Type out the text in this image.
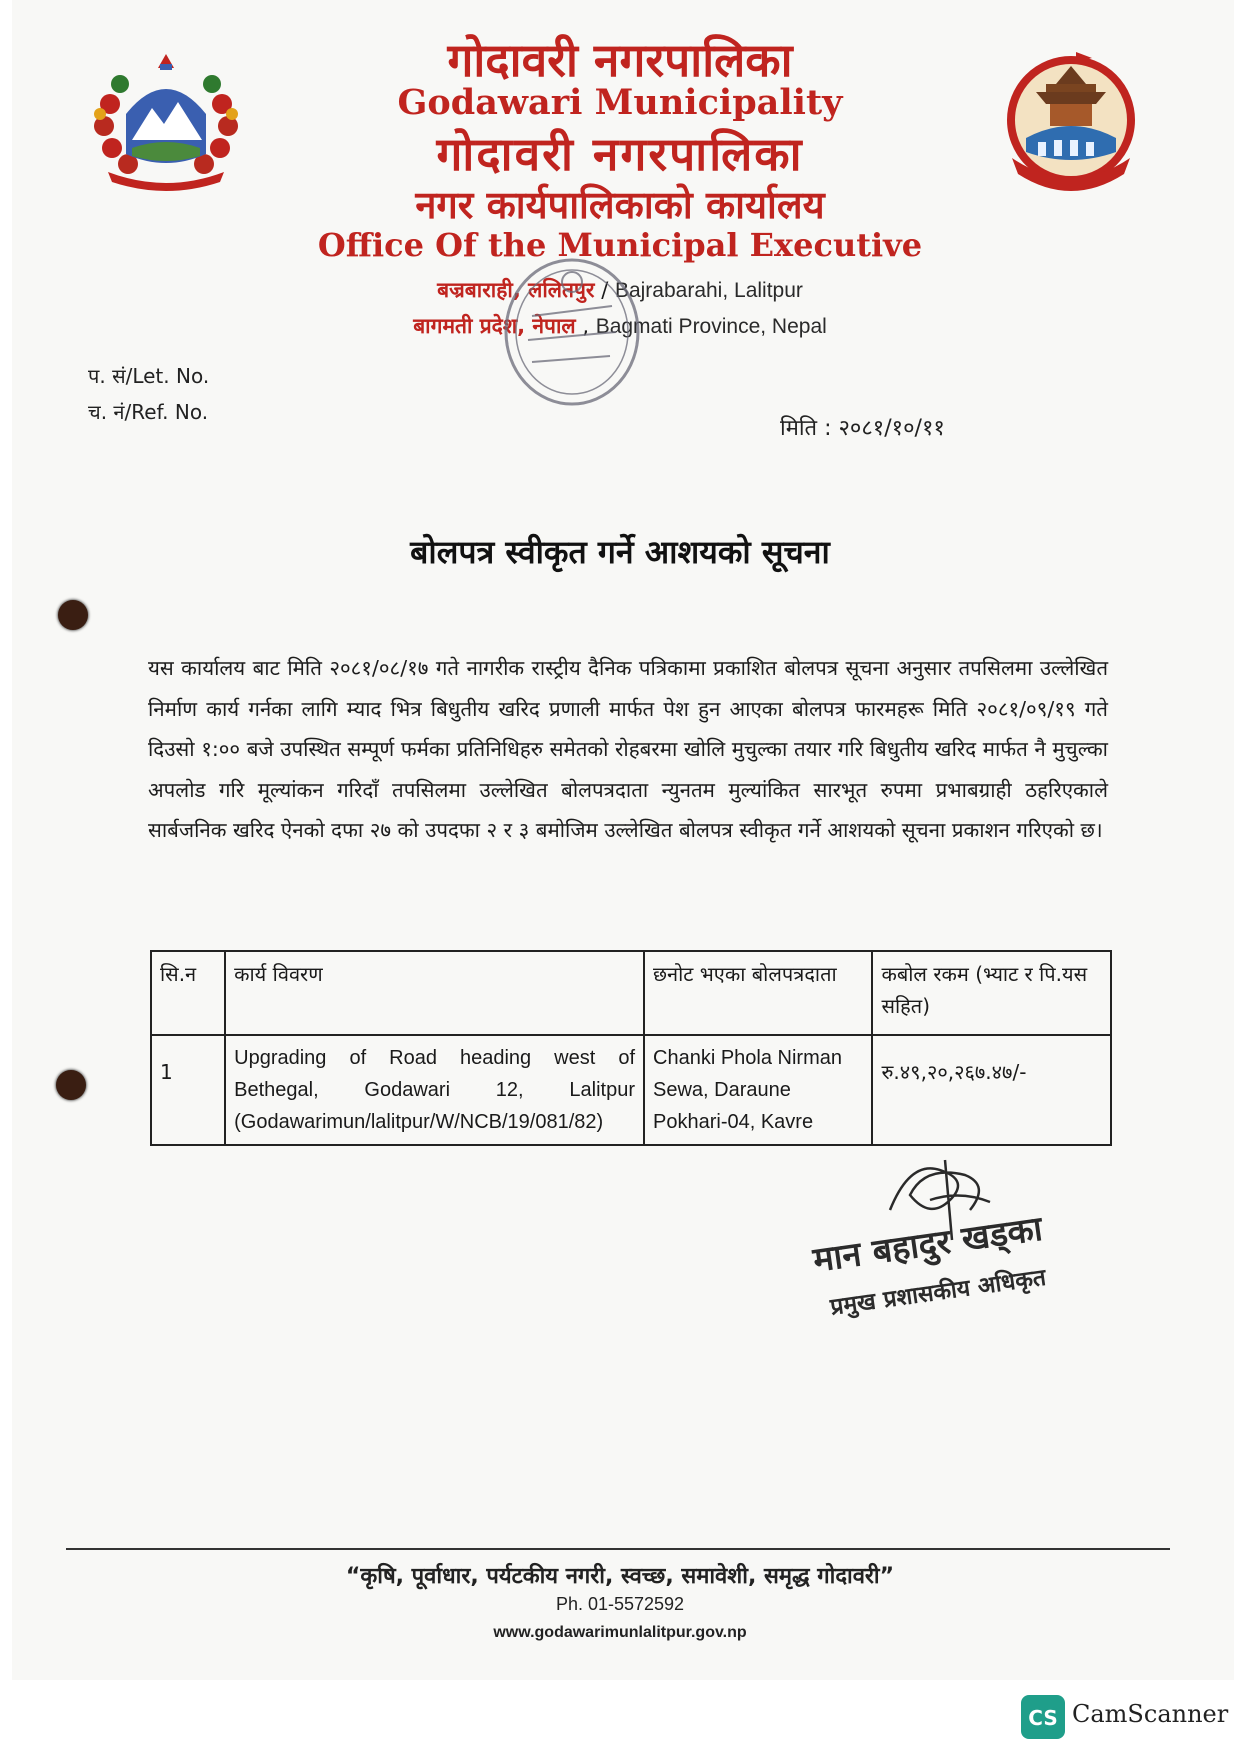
गोदावरी नगरपालिका
Godawari Municipality
गोदावरी नगरपालिका
नगर कार्यपालिकाको कार्यालय
Office Of the Municipal Executive
बज्रबाराही, ललितपुर / Bajrabarahi, Lalitpur
बागमती प्रदेश, नेपाल , Bagmati Province, Nepal
प. सं/Let. No.
च. नं/Ref. No.
मिति : २०८१/१०/११
बोलपत्र स्वीकृत गर्ने आशयको सूचना
यस कार्यालय बाट मिति २०८१/०८/१७ गते नागरीक रास्ट्रीय दैनिक पत्रिकामा प्रकाशित बोलपत्र सूचना अनुसार तपसिलमा उल्लेखित निर्माण कार्य गर्नका लागि म्याद भित्र बिधुतीय खरिद प्रणाली मार्फत पेश हुन आएका बोलपत्र फारमहरू मिति २०८१/०९/१९ गते दिउसो १:०० बजे उपस्थित सम्पूर्ण फर्मका प्रतिनिधिहरु समेतको रोहबरमा खोलि मुचुल्का तयार गरि बिधुतीय खरिद मार्फत नै मुचुल्का अपलोड गरि मूल्यांकन गरिदाँ तपसिलमा उल्लेखित बोलपत्रदाता न्युनतम मुल्यांकित सारभूत रुपमा प्रभाबग्राही ठहरिएकाले सार्बजनिक खरिद ऐनको दफा २७ को उपदफा २ र ३ बमोजिम उल्लेखित बोलपत्र स्वीकृत गर्ने आशयको सूचना प्रकाशन गरिएको छ।
सि.न	कार्य विवरण	छनोट भएका बोलपत्रदाता	कबोल रकम (भ्याट र पि.यस सहित)
1	Upgrading of Road heading west of Bethegal, Godawari 12, Lalitpur (Godawarimun/lalitpur/W/NCB/19/081/82)	Chanki Phola Nirman Sewa, Daraune Pokhari-04, Kavre	रु.४९,२०,२६७.४७/-
मान बहादुर खड्का
प्रमुख प्रशासकीय अधिकृत
“कृषि, पूर्वाधार, पर्यटकीय नगरी, स्वच्छ, समावेशी, समृद्ध गोदावरी”
Ph. 01-5572592
www.godawarimunlalitpur.gov.np
CS CamScanner
